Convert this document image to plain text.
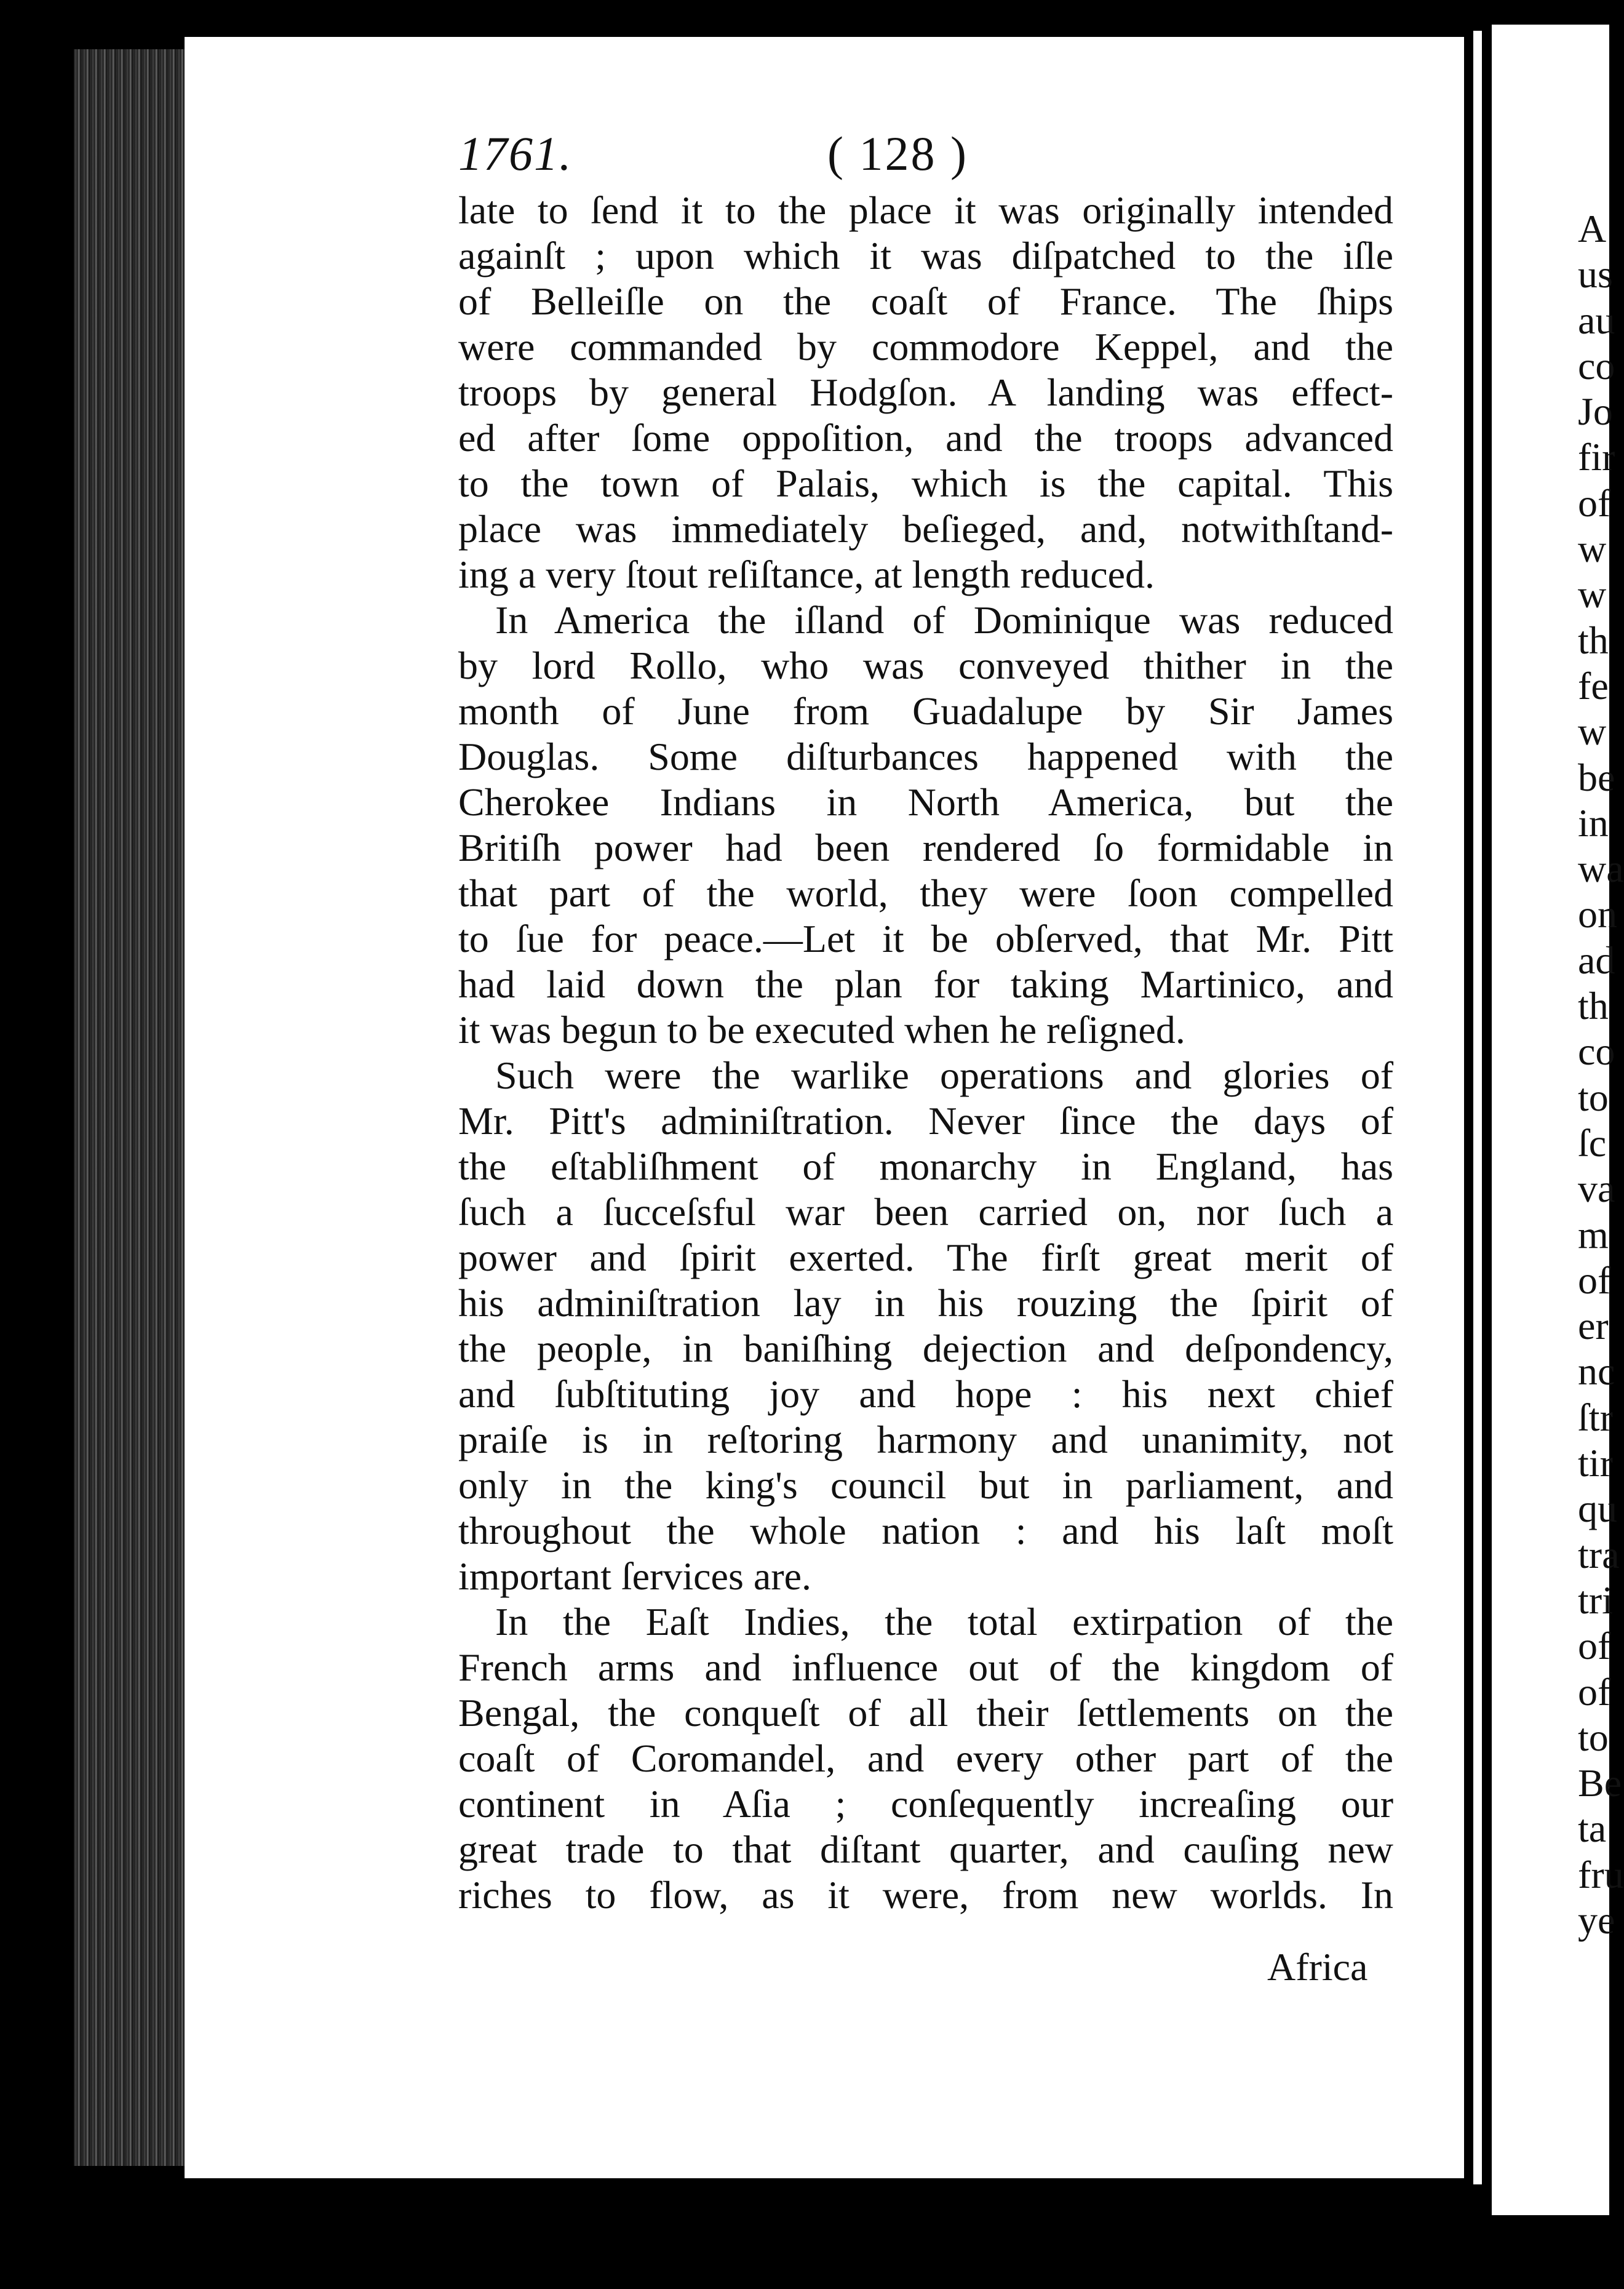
1761.	( 128 )
late to ſend it to the place it was originally intended
againſt ; upon which it was diſpatched to the iſle
of Belleiſle on the coaſt of France. The ſhips
were commanded by commodore Keppel, and the
troops by general Hodgſon. A landing was effect-
ed after ſome oppoſition, and the troops advanced
to the town of Palais, which is the capital. This
place was immediately beſieged, and, notwithſtand-
ing a very ſtout reſiſtance, at length reduced.
In America the iſland of Dominique was reduced
by lord Rollo, who was conveyed thither in the
month of June from Guadalupe by Sir James
Douglas. Some diſturbances happened with the
Cherokee Indians in North America, but the
Britiſh power had been rendered ſo formidable in
that part of the world, they were ſoon compelled
to ſue for peace.—Let it be obſerved, that Mr. Pitt
had laid down the plan for taking Martinico, and
it was begun to be executed when he reſigned.
Such were the warlike operations and glories of
Mr. Pitt's adminiſtration. Never ſince the days of
the eſtabliſhment of monarchy in England, has
ſuch a ſucceſsful war been carried on, nor ſuch a
power and ſpirit exerted. The firſt great merit of
his adminiſtration lay in his rouzing the ſpirit of
the people, in baniſhing dejection and deſpondency,
and ſubſtituting joy and hope : his next chief
praiſe is in reſtoring harmony and unanimity, not
only in the king's council but in parliament, and
throughout the whole nation : and his laſt moſt
important ſervices are.
In the Eaſt Indies, the total extirpation of the
French arms and influence out of the kingdom of
Bengal, the conqueſt of all their ſettlements on the
coaſt of Coromandel, and every other part of the
continent in Aſia ; conſequently increaſing our
great trade to that diſtant quarter, and cauſing new
riches to flow, as it were, from new worlds. In
Africa
A
us
au
co
Jo
fir
of
w
w
th
fe
w
be
in
wa
on
ad
th
co
to
ſc
va
m
of
er
nc
ſtr
tir
qu
tra
tri
of
of
to
Be
ta
fru
ye
